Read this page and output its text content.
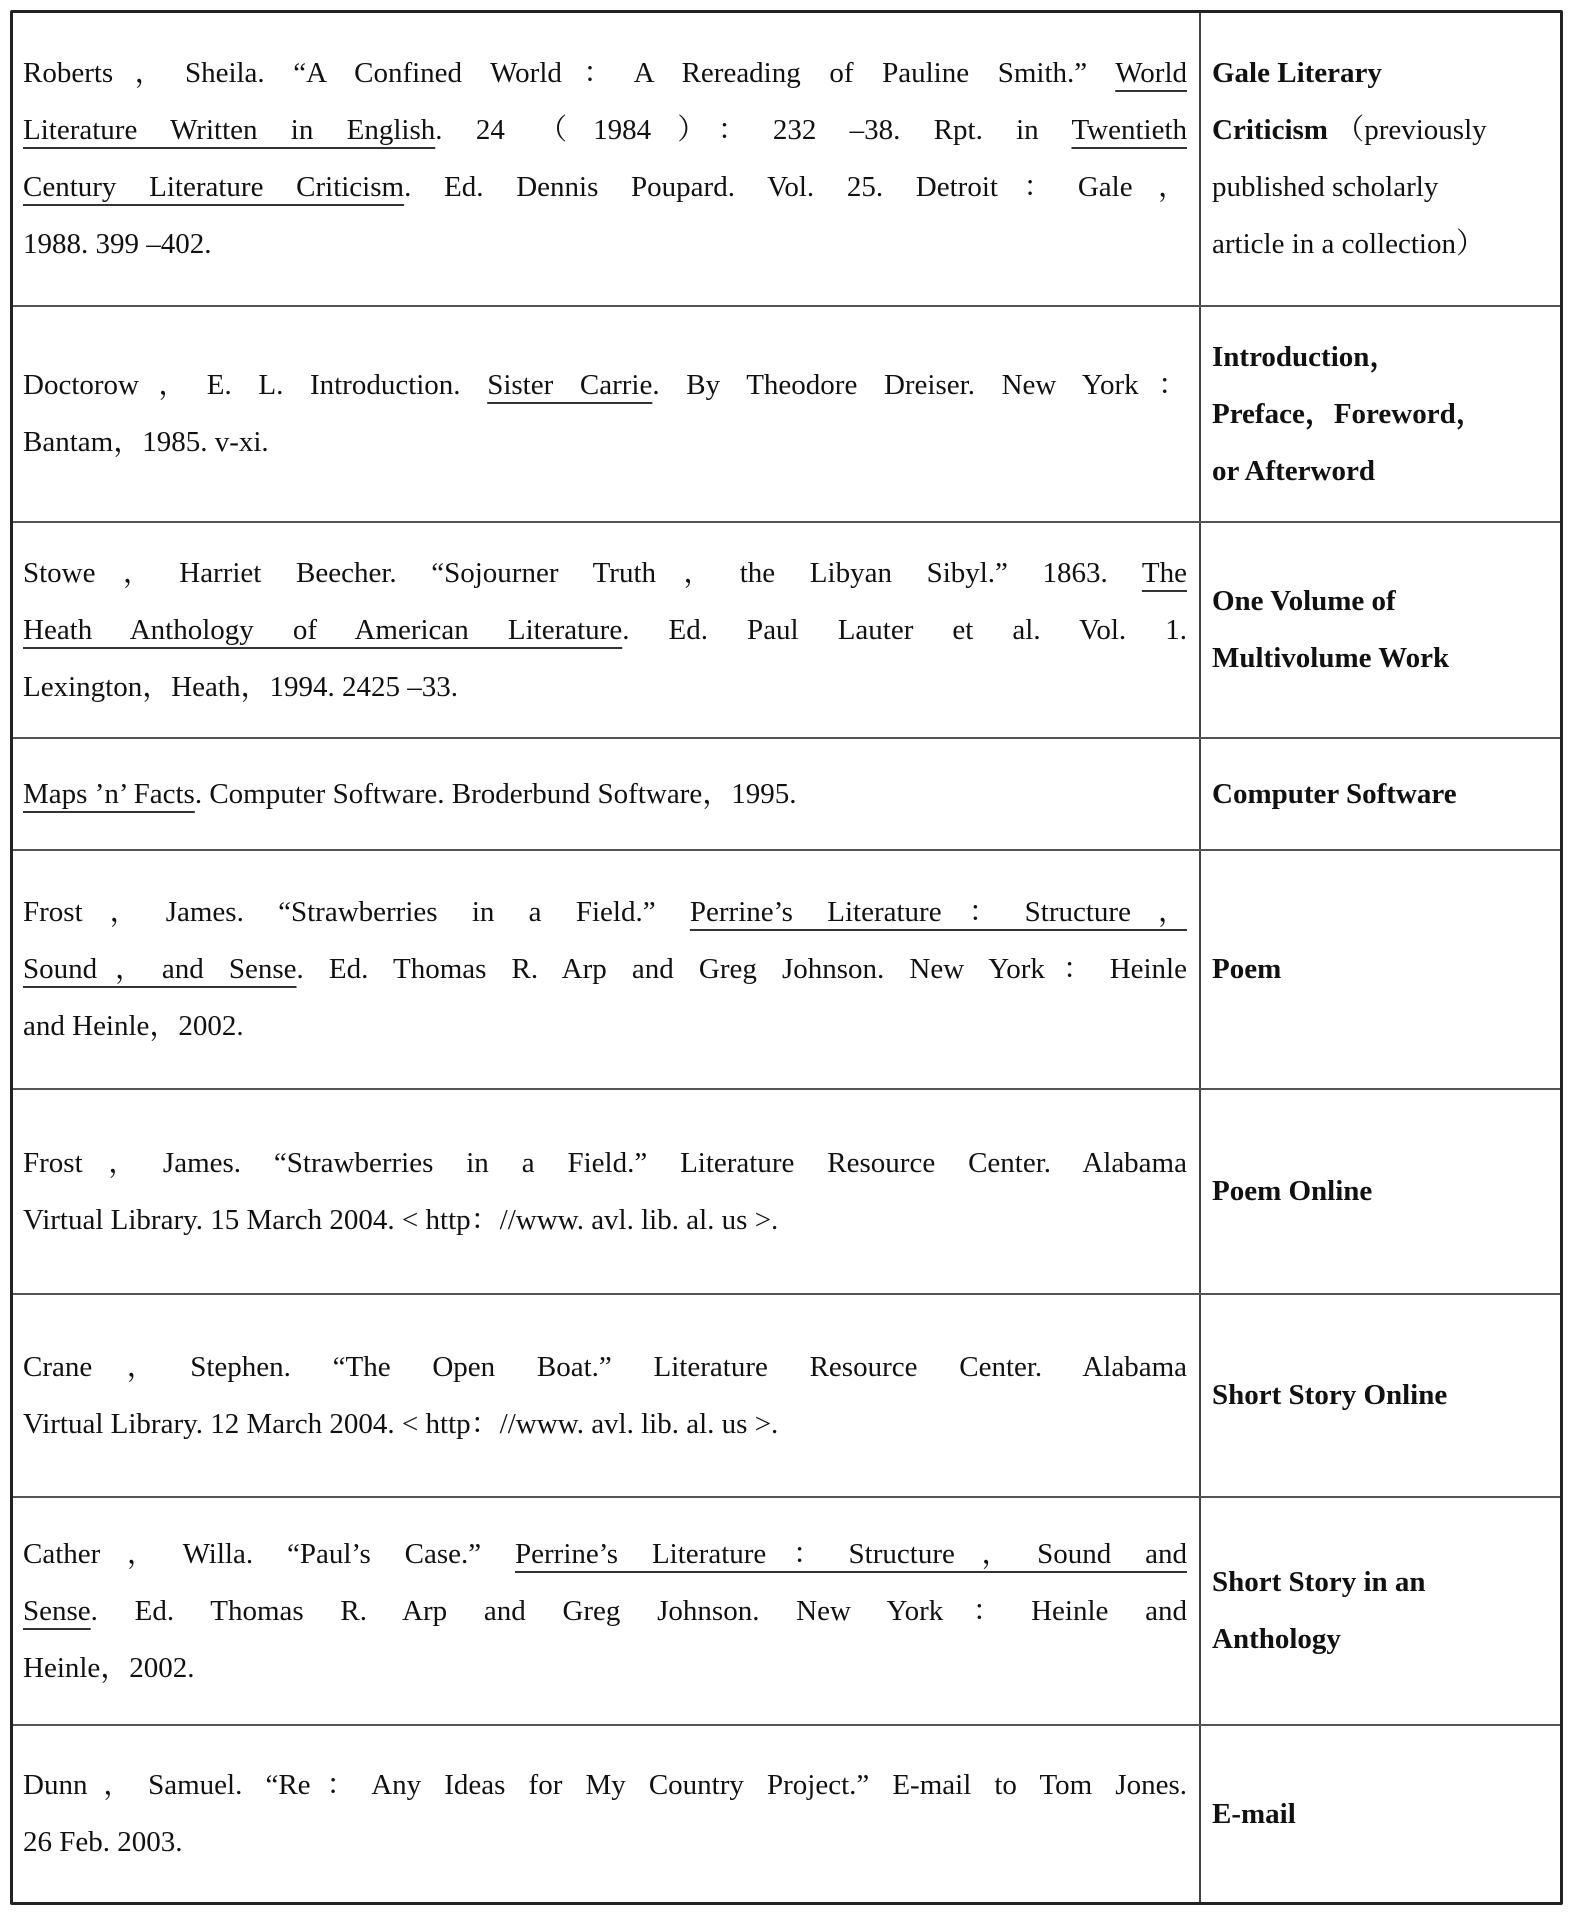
Roberts，Sheila. “A Confined World：A Rereading of Pauline Smith.” World
Literature Written in English. 24 （1984）：232 –38. Rpt. in Twentieth
Century Literature Criticism. Ed. Dennis Poupard. Vol. 25. Detroit：Gale，
1988. 399 –402.
Gale Literary
Criticism （previously
published scholarly
article in a collection）
Doctorow，E. L. Introduction. Sister Carrie. By Theodore Dreiser. New York：
Bantam，1985. v-xi.
Introduction，
Preface，Foreword，
or Afterword
Stowe，Harriet Beecher. “Sojourner Truth，the Libyan Sibyl.” 1863. The
Heath Anthology of American Literature. Ed. Paul Lauter et al. Vol. 1.
Lexington，Heath，1994. 2425 –33.
One Volume of
Multivolume Work
Maps ’n’ Facts. Computer Software. Broderbund Software，1995.	Computer Software
Frost，James. “Strawberries in a Field.” Perrine’s Literature：Structure，
Sound，and Sense. Ed. Thomas R. Arp and Greg Johnson. New York：Heinle
and Heinle，2002.
Poem
Frost，James. “Strawberries in a Field.” Literature Resource Center. Alabama
Virtual Library. 15 March 2004. < http：//www. avl. lib. al. us >.
Poem Online
Crane，Stephen. “The Open Boat.” Literature Resource Center. Alabama
Virtual Library. 12 March 2004. < http：//www. avl. lib. al. us >.
Short Story Online
Cather，Willa. “Paul’s Case.” Perrine’s Literature：Structure，Sound and
Sense. Ed. Thomas R. Arp and Greg Johnson. New York：Heinle and
Heinle，2002.
Short Story in an
Anthology
Dunn，Samuel. “Re：Any Ideas for My Country Project.” E-mail to Tom Jones.
26 Feb. 2003.
E-mail
